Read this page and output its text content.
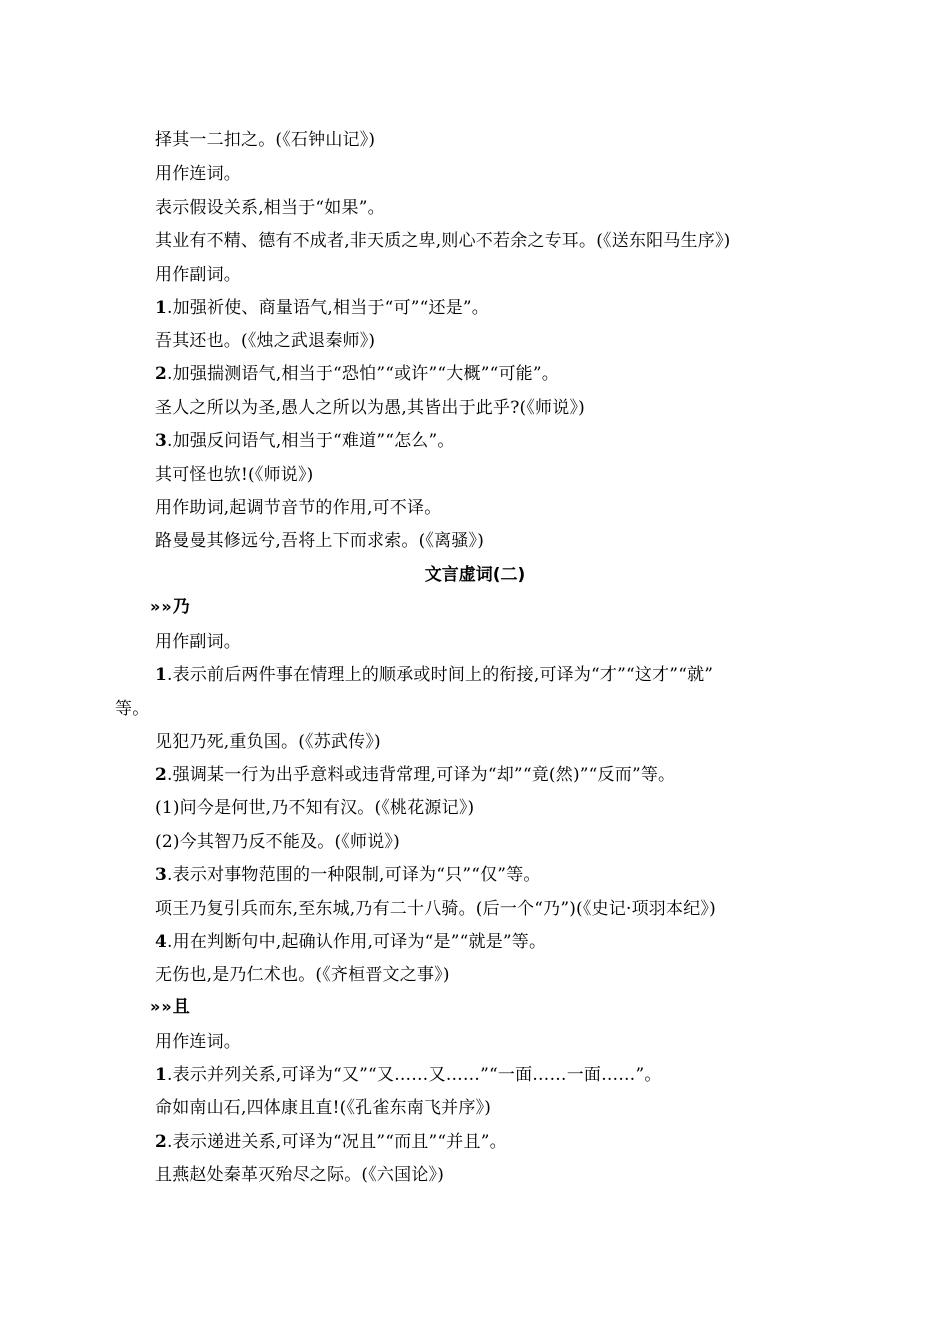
择其一二扣之。(《石钟山记》)
用作连词。
表示假设关系,相当于“如果”。
其业有不精、德有不成者,非天质之卑,则心不若余之专耳。(《送东阳马生序》)
用作副词。
1.加强祈使、商量语气,相当于“可”“还是”。
吾其还也。(《烛之武退秦师》)
2.加强揣测语气,相当于“恐怕”“或许”“大概”“可能”。
圣人之所以为圣,愚人之所以为愚,其皆出于此乎?(《师说》)
3.加强反问语气,相当于“难道”“怎么”。
其可怪也欤!(《师说》)
用作助词,起调节音节的作用,可不译。
路曼曼其修远兮,吾将上下而求索。(《离骚》)
文言虚词(二)
» » 乃
用作副词。
1.表示前后两件事在情理上的顺承或时间上的衔接,可译为“才”“这才”“就”
等。
见犯乃死,重负国。(《苏武传》)
2.强调某一行为出乎意料或违背常理,可译为“却”“竟(然)”“反而”等。
(1)问今是何世,乃不知有汉。(《桃花源记》)
(2)今其智乃反不能及。(《师说》)
3.表示对事物范围的一种限制,可译为“只”“仅”等。
项王乃复引兵而东,至东城,乃有二十八骑。(后一个“乃”)(《史记·项羽本纪》)
4.用在判断句中,起确认作用,可译为“是”“就是”等。
无伤也,是乃仁术也。(《齐桓晋文之事》)
» » 且
用作连词。
1.表示并列关系,可译为“又”“又……又……”“一面……一面……”。
命如南山石,四体康且直!(《孔雀东南飞并序》)
2.表示递进关系,可译为“况且”“而且”“并且”。
且燕赵处秦革灭殆尽之际。(《六国论》)
